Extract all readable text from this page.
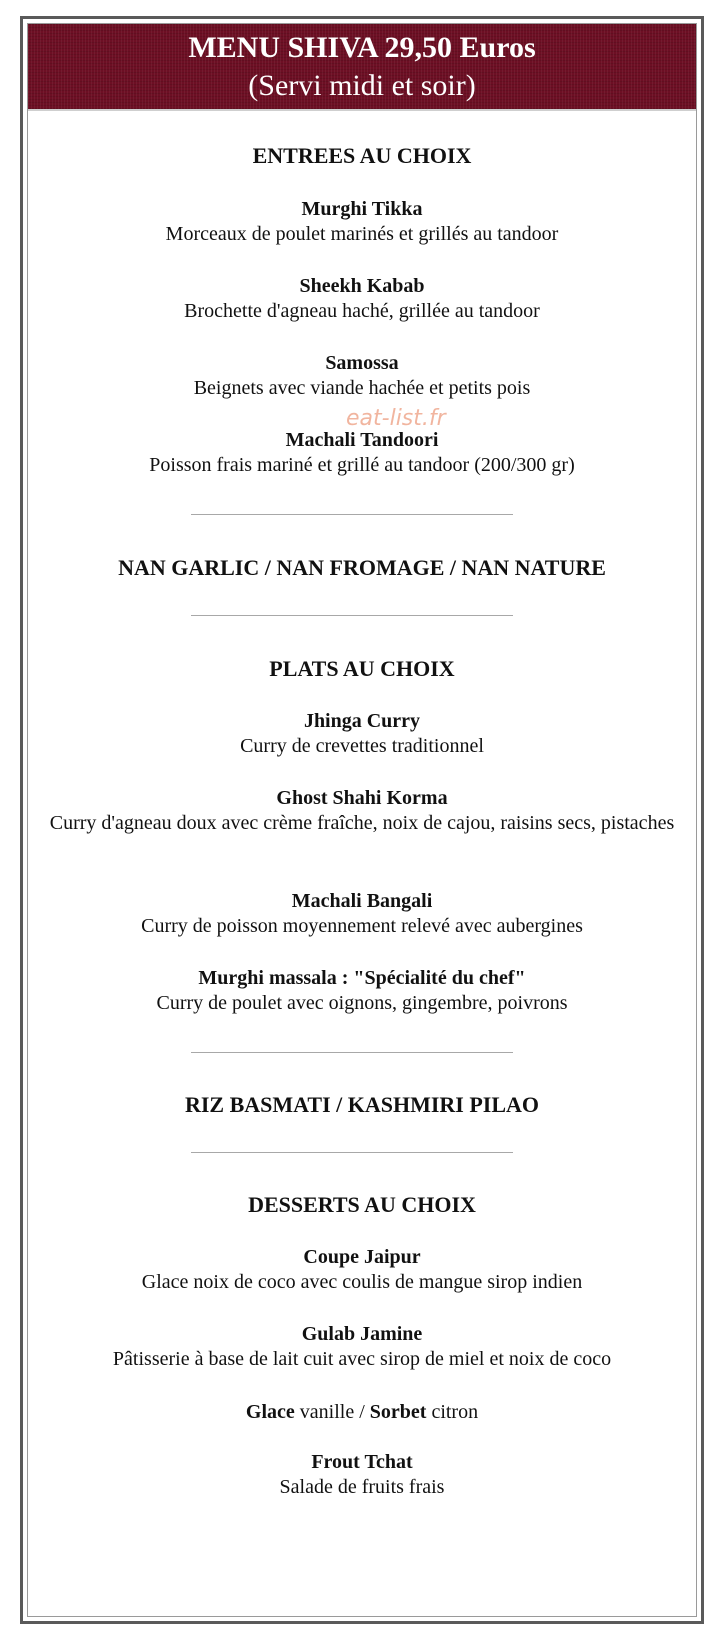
MENU SHIVA 29,50 Euros
(Servi midi et soir)
ENTREES AU CHOIX
Murghi Tikka
Morceaux de poulet marinés et grillés au tandoor
Sheekh Kabab
Brochette d'agneau haché, grillée au tandoor
Samossa
Beignets avec viande hachée et petits pois
Machali Tandoori
Poisson frais mariné et grillé au tandoor (200/300 gr)
eat-list.fr
NAN GARLIC / NAN FROMAGE / NAN NATURE
PLATS AU CHOIX
Jhinga Curry
Curry de crevettes traditionnel
Ghost Shahi Korma
Curry d'agneau doux avec crème fraîche, noix de cajou, raisins secs, pistaches
Machali Bangali
Curry de poisson moyennement relevé avec aubergines
Murghi massala : "Spécialité du chef"
Curry de poulet avec oignons, gingembre, poivrons
RIZ BASMATI / KASHMIRI PILAO
DESSERTS AU CHOIX
Coupe Jaipur
Glace noix de coco avec coulis de mangue sirop indien
Gulab Jamine
Pâtisserie à base de lait cuit avec sirop de miel et noix de coco
Glace vanille / Sorbet citron
Frout Tchat
Salade de fruits frais
